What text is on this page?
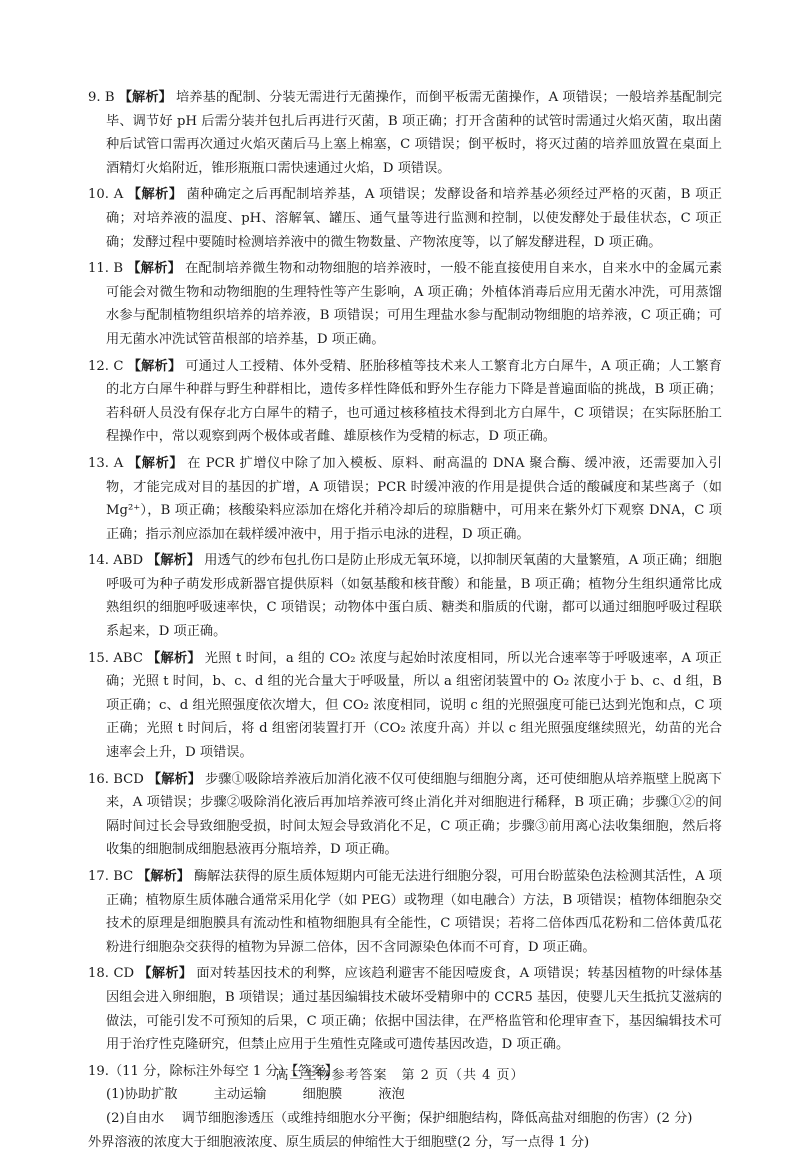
9. B 【解析】 培养基的配制、分装无需进行无菌操作，而倒平板需无菌操作，A 项错误；一般培养基配制完毕、调节好 pH 后需分装并包扎后再进行灭菌，B 项正确；打开含菌种的试管时需通过火焰灭菌，取出菌种后试管口需再次通过火焰灭菌后马上塞上棉塞，C 项错误；倒平板时，将灭过菌的培养皿放置在桌面上酒精灯火焰附近，锥形瓶瓶口需快速通过火焰，D 项错误。

10. A 【解析】 菌种确定之后再配制培养基，A 项错误；发酵设备和培养基必须经过严格的灭菌，B 项正确；对培养液的温度、pH、溶解氧、罐压、通气量等进行监测和控制，以使发酵处于最佳状态，C 项正确；发酵过程中要随时检测培养液中的微生物数量、产物浓度等，以了解发酵进程，D 项正确。

11. B 【解析】 在配制培养微生物和动物细胞的培养液时，一般不能直接使用自来水，自来水中的金属元素可能会对微生物和动物细胞的生理特性等产生影响，A 项正确；外植体消毒后应用无菌水冲洗，可用蒸馏水参与配制植物组织培养的培养液，B 项错误；可用生理盐水参与配制动物细胞的培养液，C 项正确；可用无菌水冲洗试管苗根部的培养基，D 项正确。

12. C 【解析】 可通过人工授精、体外受精、胚胎移植等技术来人工繁育北方白犀牛，A 项正确；人工繁育的北方白犀牛种群与野生种群相比，遗传多样性降低和野外生存能力下降是普遍面临的挑战，B 项正确；若科研人员没有保存北方白犀牛的精子，也可通过核移植技术得到北方白犀牛，C 项错误；在实际胚胎工程操作中，常以观察到两个极体或者雌、雄原核作为受精的标志，D 项正确。

13. A 【解析】 在 PCR 扩增仪中除了加入模板、原料、耐高温的 DNA 聚合酶、缓冲液，还需要加入引物，才能完成对目的基因的扩增，A 项错误；PCR 时缓冲液的作用是提供合适的酸碱度和某些离子（如 Mg²⁺），B 项正确；核酸染料应添加在熔化并稍冷却后的琼脂糖中，可用来在紫外灯下观察 DNA，C 项正确；指示剂应添加在载样缓冲液中，用于指示电泳的进程，D 项正确。

14. ABD 【解析】 用透气的纱布包扎伤口是防止形成无氧环境，以抑制厌氧菌的大量繁殖，A 项正确；细胞呼吸可为种子萌发形成新器官提供原料（如氨基酸和核苷酸）和能量，B 项正确；植物分生组织通常比成熟组织的细胞呼吸速率快，C 项错误；动物体中蛋白质、糖类和脂质的代谢，都可以通过细胞呼吸过程联系起来，D 项正确。

15. ABC 【解析】 光照 t 时间，a 组的 CO₂ 浓度与起始时浓度相同，所以光合速率等于呼吸速率，A 项正确；光照 t 时间，b、c、d 组的光合量大于呼吸量，所以 a 组密闭装置中的 O₂ 浓度小于 b、c、d 组，B 项正确；c、d 组光照强度依次增大，但 CO₂ 浓度相同，说明 c 组的光照强度可能已达到光饱和点，C 项正确；光照 t 时间后，将 d 组密闭装置打开（CO₂ 浓度升高）并以 c 组光照强度继续照光，幼苗的光合速率会上升，D 项错误。

16. BCD 【解析】 步骤①吸除培养液后加消化液不仅可使细胞与细胞分离，还可使细胞从培养瓶壁上脱离下来，A 项错误；步骤②吸除消化液后再加培养液可终止消化并对细胞进行稀释，B 项正确；步骤①②的间隔时间过长会导致细胞受损，时间太短会导致消化不足，C 项正确；步骤③前用离心法收集细胞，然后将收集的细胞制成细胞悬液再分瓶培养，D 项正确。

17. BC 【解析】 酶解法获得的原生质体短期内可能无法进行细胞分裂，可用台盼蓝染色法检测其活性，A 项正确；植物原生质体融合通常采用化学（如 PEG）或物理（如电融合）方法，B 项错误；植物体细胞杂交技术的原理是细胞膜具有流动性和植物细胞具有全能性，C 项错误；若将二倍体西瓜花粉和二倍体黄瓜花粉进行细胞杂交获得的植物为异源二倍体，因不含同源染色体而不可育，D 项正确。

18. CD 【解析】 面对转基因技术的利弊，应该趋利避害不能因噎废食，A 项错误；转基因植物的叶绿体基因组会进入卵细胞，B 项错误；通过基因编辑技术破坏受精卵中的 CCR5 基因，使婴儿天生抵抗艾滋病的做法，可能引发不可预知的后果，C 项正确；依据中国法律，在严格监管和伦理审查下，基因编辑技术可用于治疗性克隆研究，但禁止应用于生殖性克隆或可遗传基因改造，D 项正确。

19.（11 分，除标注外每空 1 分）【答案】

(1)协助扩散	主动运输	细胞膜	液泡

(2)自由水　 调节细胞渗透压（或维持细胞水分平衡；保护细胞结构，降低高盐对细胞的伤害）(2 分)

外界溶液的浓度大于细胞液浓度、原生质层的伸缩性大于细胞壁(2 分，写一点得 1 分)

高二生物参考答案　第 2 页（共 4 页）
